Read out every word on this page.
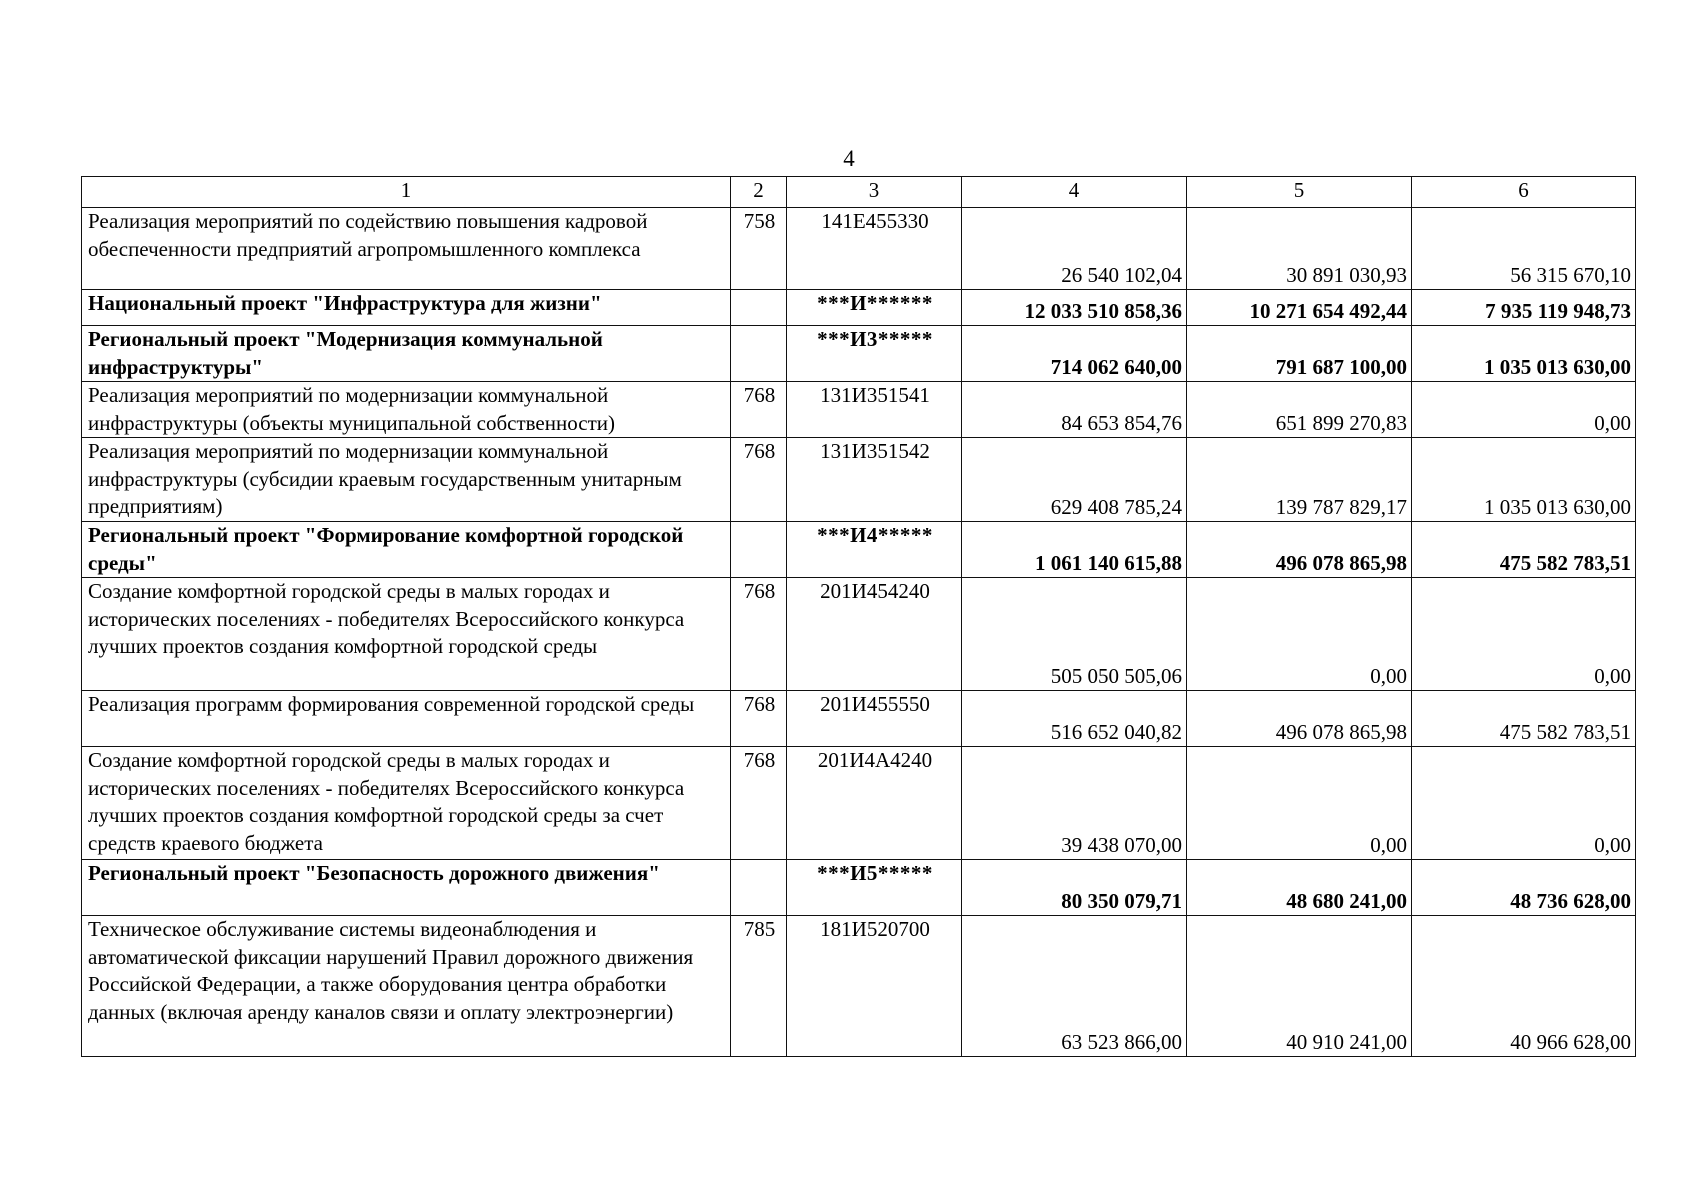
4
1	2	3	4	5	6
Реализация мероприятий по содействию повышения кадровой обеспеченности предприятий агропромышленного комплекса	758	141Е455330	26 540 102,04	30 891 030,93	56 315 670,10
Национальный проект "Инфраструктура для жизни"		***И******	12 033 510 858,36	10 271 654 492,44	7 935 119 948,73
Региональный проект "Модернизация коммунальной инфраструктуры"		***И3*****	714 062 640,00	791 687 100,00	1 035 013 630,00
Реализация мероприятий по модернизации коммунальной инфраструктуры (объекты муниципальной собственности)	768	131И351541	84 653 854,76	651 899 270,83	0,00
Реализация мероприятий по модернизации коммунальной инфраструктуры (субсидии краевым государственным унитарным предприятиям)	768	131И351542	629 408 785,24	139 787 829,17	1 035 013 630,00
Региональный проект "Формирование комфортной городской среды"		***И4*****	1 061 140 615,88	496 078 865,98	475 582 783,51
Создание комфортной городской среды в малых городах и исторических поселениях - победителях Всероссийского конкурса лучших проектов создания комфортной городской среды	768	201И454240	505 050 505,06	0,00	0,00
Реализация программ формирования современной городской среды	768	201И455550	516 652 040,82	496 078 865,98	475 582 783,51
Создание комфортной городской среды в малых городах и исторических поселениях - победителях Всероссийского конкурса лучших проектов создания комфортной городской среды за счет средств краевого бюджета	768	201И4А4240	39 438 070,00	0,00	0,00
Региональный проект "Безопасность дорожного движения"		***И5*****	80 350 079,71	48 680 241,00	48 736 628,00
Техническое обслуживание системы видеонаблюдения и автоматической фиксации нарушений Правил дорожного движения Российской Федерации, а также оборудования центра обработки данных (включая аренду каналов связи и оплату электроэнергии)	785	181И520700	63 523 866,00	40 910 241,00	40 966 628,00
